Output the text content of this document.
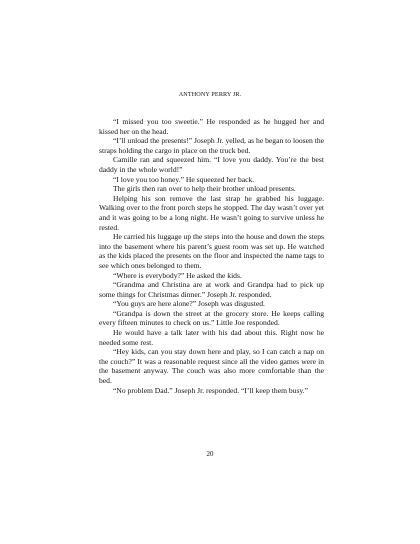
ANTHONY PERRY JR.

“I missed you too sweetie.” He responded as he hugged her and kissed her on the head.

“I’ll unload the presents!” Joseph Jr. yelled, as he began to loosen the straps holding the cargo in place on the truck bed.

Camille ran and squeezed him. “I love you daddy. You’re the best daddy in the whole world!”

“I love you too honey.” He squeezed her back.

The girls then ran over to help their brother unload presents.

Helping his son remove the last strap he grabbed his luggage. Walking over to the front porch steps he stopped. The day wasn’t over yet and it was going to be a long night. He wasn’t going to survive unless he rested.

He carried his luggage up the steps into the house and down the steps into the basement where his parent’s guest room was set up. He watched as the kids placed the presents on the floor and inspected the name tags to see which ones belonged to them.

“Where is everybody?” He asked the kids.

“Grandma and Christina are at work and Grandpa had to pick up some things for Christmas dinner.” Joseph Jr. responded.

“You guys are here alone?” Joseph was disgusted.

“Grandpa is down the street at the grocery store. He keeps calling every fifteen minutes to check on us.” Little Joe responded.

He would have a talk later with his dad about this. Right now he needed some rest.

“Hey kids, can you stay down here and play, so I can catch a nap on the couch?” It was a reasonable request since all the video games were in the basement anyway. The couch was also more comfortable than the bed.

“No problem Dad.” Joseph Jr. responded. “I’ll keep them busy.”

20
